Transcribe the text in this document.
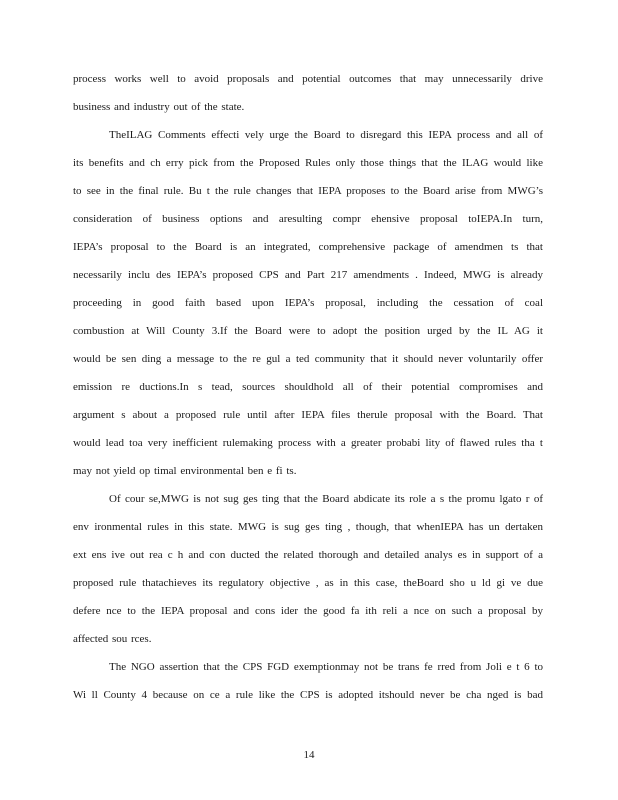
process works well to avoid proposals and potential outcomes that may unnecessarily drive
business and industry out of the state.
TheILAG Comments effecti vely urge the Board to disregard this IEPA process and all of
its benefits and ch erry pick from the Proposed Rules only those things that the ILAG would like
to see in the final rule. Bu t the rule changes that IEPA proposes to the Board arise from MWG’s
consideration of business options and aresulting compr ehensive proposal toIEPA.In turn,
IEPA’s proposal to the Board is an integrated, comprehensive package of amendmen ts that
necessarily inclu des IEPA’s proposed CPS and Part 217 amendments . Indeed, MWG is already
proceeding in good faith based upon IEPA’s proposal, including the cessation of coal
combustion at Will County 3.If the Board were to adopt the position urged by the IL AG it
would be sen ding a message to the re gul a ted community that it should never voluntarily offer
emission re ductions.In s tead, sources shouldhold all of their potential compromises and
argument s about a proposed rule until after IEPA files therule proposal with the Board. That
would lead toa very inefficient rulemaking process with a greater probabi lity of flawed rules tha t
may not yield op timal environmental ben e fi ts.
Of cour se,MWG is not sug ges ting that the Board abdicate its role a s the promu lgato r of
env ironmental rules in this state. MWG is sug ges ting , though, that whenIEPA has un dertaken
ext ens ive out rea c h and con ducted the related thorough and detailed analys es in support of a
proposed rule thatachieves its regulatory objective , as in this case, theBoard sho u ld gi ve due
defere nce to the IEPA proposal and cons ider the good fa ith reli a nce on such a proposal by
affected sou rces.
The NGO assertion that the CPS FGD exemptionmay not be trans fe rred from Joli e t 6 to
Wi ll County 4 because on ce a rule like the CPS is adopted itshould never be cha nged is bad
14
